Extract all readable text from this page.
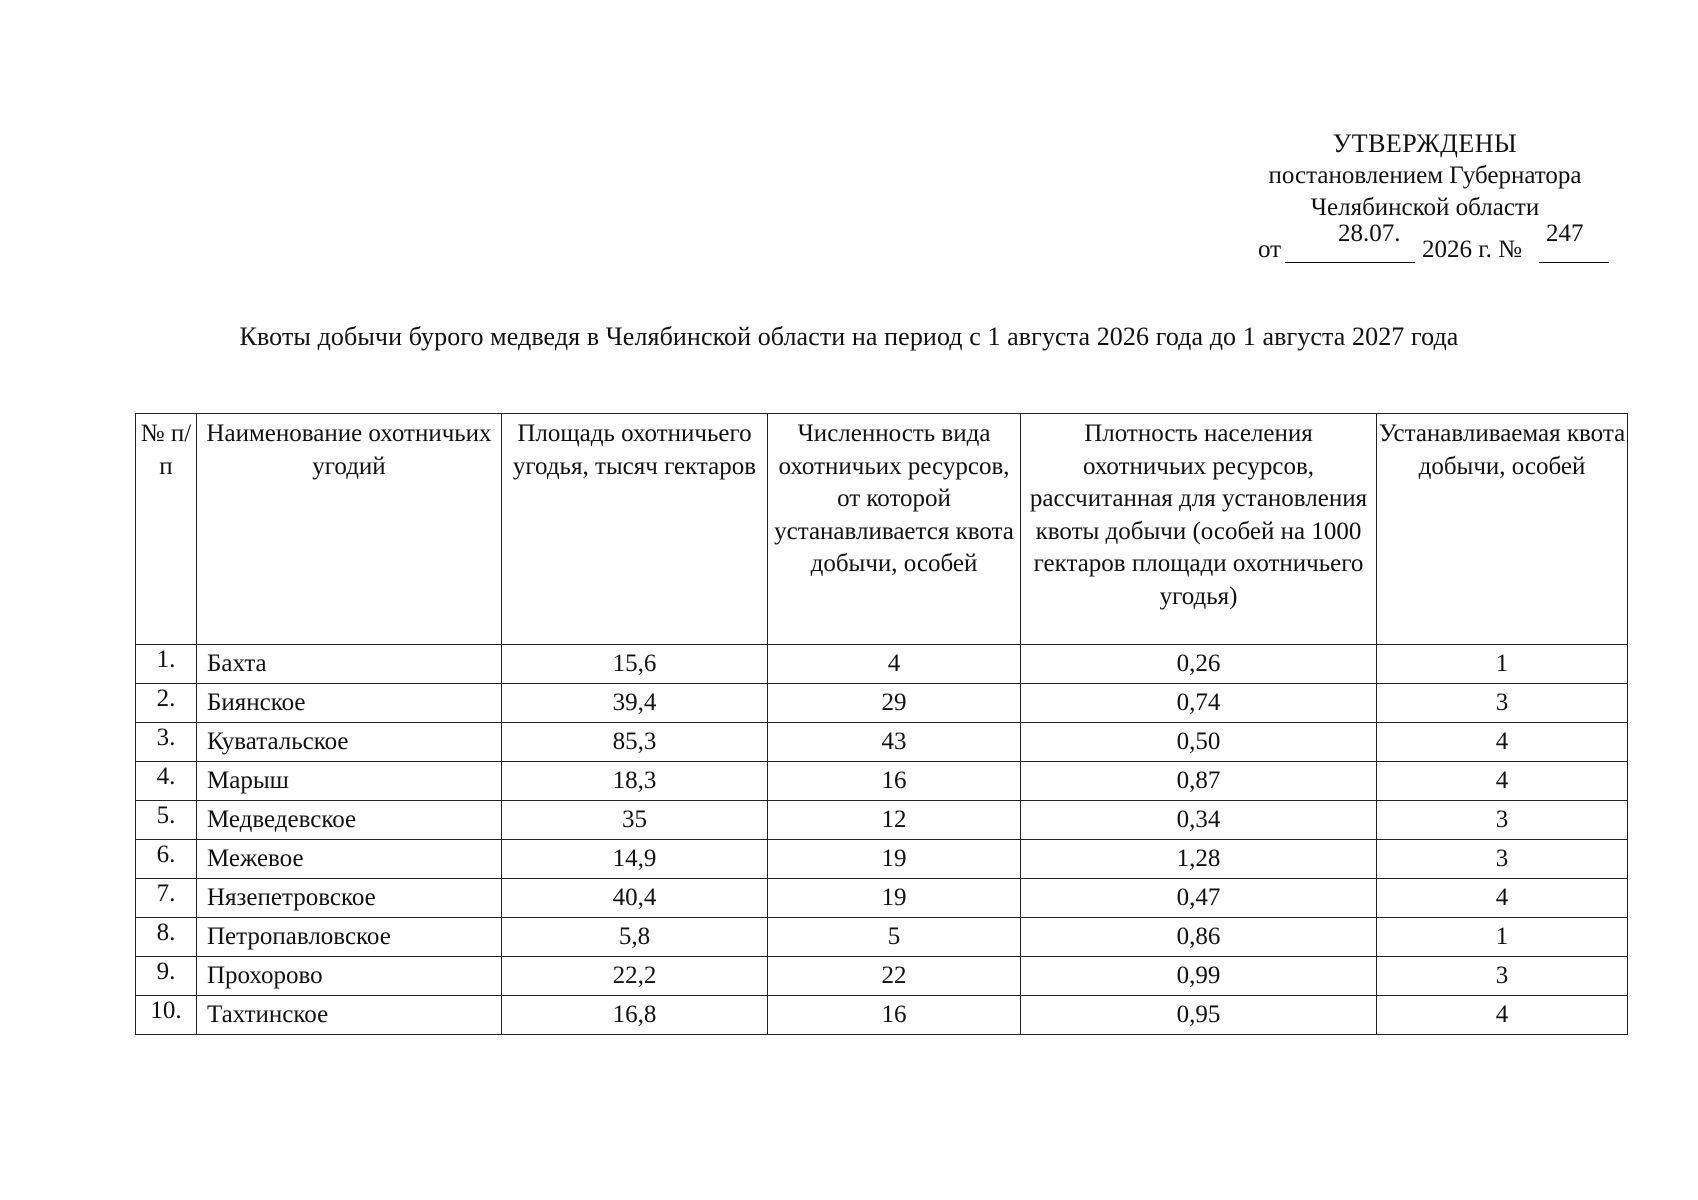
УТВЕРЖДЕНЫ
постановлением Губернатора
Челябинской области
от
28.07.
2026 г. №
247
Квоты добычи бурого медведя в Челябинской области на период с 1 августа 2026 года до 1 августа 2027 года
№ п/п	Наименование охотничьих угодий	Площадь охотничьего угодья, тысяч гектаров	Численность вида охотничьих ресурсов, от которой устанавливается квота добычи, особей	Плотность населения охотничьих ресурсов, рассчитанная для установления квоты добычи (особей на 1000 гектаров площади охотничьего угодья)	Устанавливаемая квота добычи, особей
1.	Бахта	15,6	4	0,26	1
2.	Биянское	39,4	29	0,74	3
3.	Куватальское	85,3	43	0,50	4
4.	Марыш	18,3	16	0,87	4
5.	Медведевское	35	12	0,34	3
6.	Межевое	14,9	19	1,28	3
7.	Нязепетровское	40,4	19	0,47	4
8.	Петропавловское	5,8	5	0,86	1
9.	Прохорово	22,2	22	0,99	3
10.	Тахтинское	16,8	16	0,95	4
